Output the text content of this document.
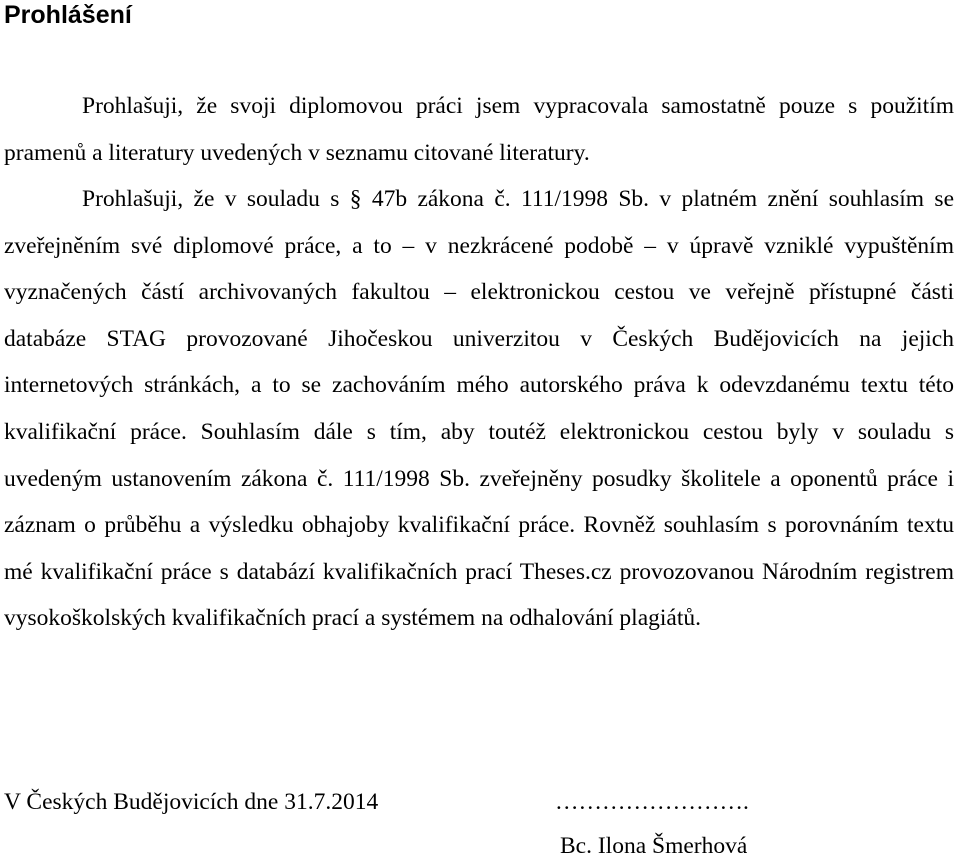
Prohlášení

Prohlašuji, že svoji diplomovou práci jsem vypracovala samostatně pouze s použitím pramenů a literatury uvedených v seznamu citované literatury.

Prohlašuji, že v souladu s § 47b zákona č. 111/1998 Sb. v platném znění souhlasím se zveřejněním své diplomové práce, a to – v nezkrácené podobě – v úpravě vzniklé vypuštěním vyznačených částí archivovaných fakultou – elektronickou cestou ve veřejně přístupné části databáze STAG provozované Jihočeskou univerzitou v Českých Budějovicích na jejich internetových stránkách, a to se zachováním mého autorského práva k odevzdanému textu této kvalifikační práce. Souhlasím dále s tím, aby toutéž elektronickou cestou byly v souladu s uvedeným ustanovením zákona č. 111/1998 Sb. zveřejněny posudky školitele a oponentů práce i záznam o průběhu a výsledku obhajoby kvalifikační práce. Rovněž souhlasím s porovnáním textu mé kvalifikační práce s databází kvalifikačních prací Theses.cz provozovanou Národním registrem vysokoškolských kvalifikačních prací a systémem na odhalování plagiátů.

V Českých Budějovicích dne 31.7.2014	…………………….
Bc. Ilona Šmerhová
